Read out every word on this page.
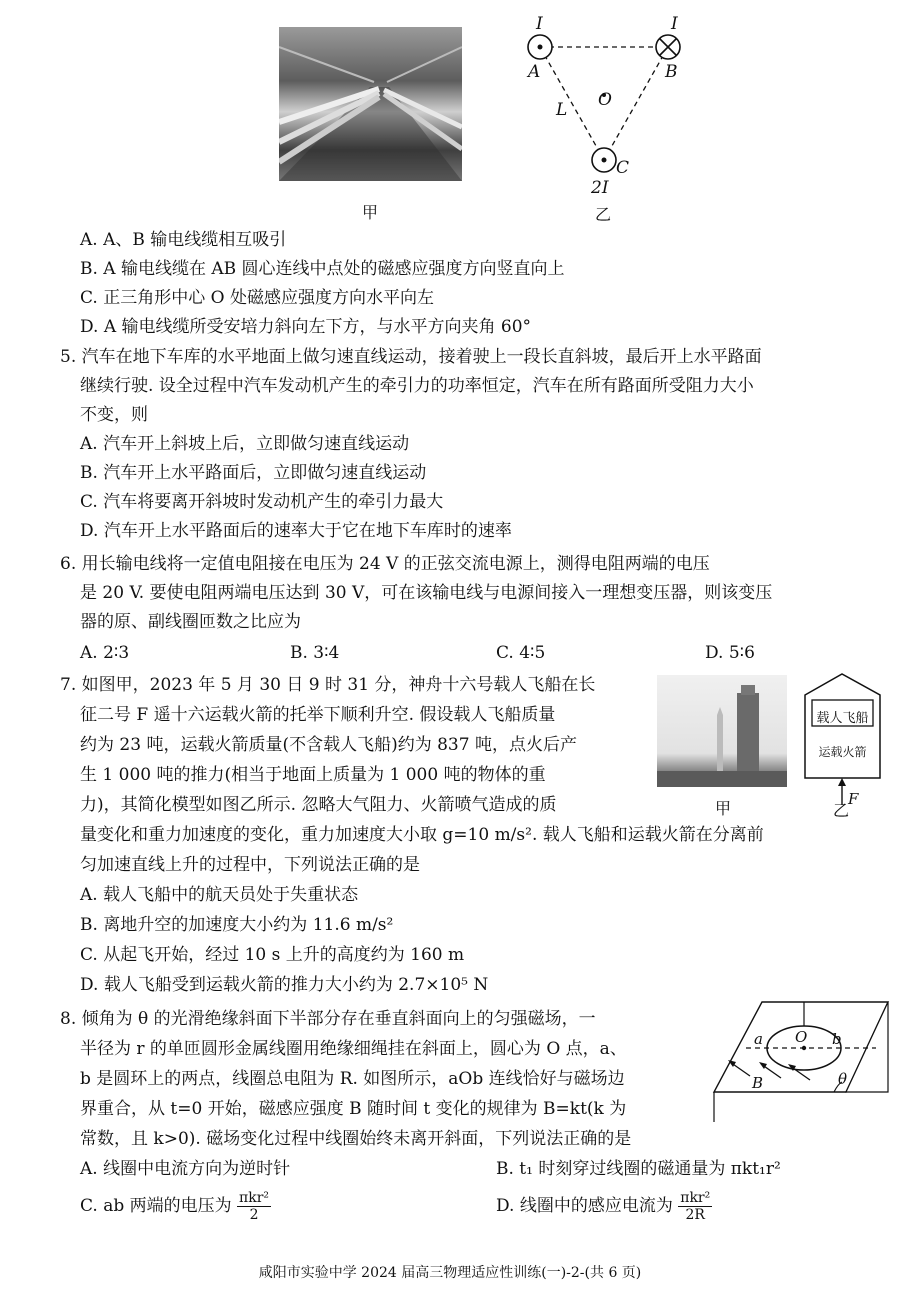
甲
I	I
A	B
O
L
C
2I
乙
A. A、B 输电线缆相互吸引
B. A 输电线缆在 AB 圆心连线中点处的磁感应强度方向竖直向上
C. 正三角形中心 O 处磁感应强度方向水平向左
D. A 输电线缆所受安培力斜向左下方，与水平方向夹角 60°
5. 汽车在地下车库的水平地面上做匀速直线运动，接着驶上一段长直斜坡，最后开上水平路面
继续行驶. 设全过程中汽车发动机产生的牵引力的功率恒定，汽车在所有路面所受阻力大小
不变，则
A. 汽车开上斜坡上后，立即做匀速直线运动
B. 汽车开上水平路面后，立即做匀速直线运动
C. 汽车将要离开斜坡时发动机产生的牵引力最大
D. 汽车开上水平路面后的速率大于它在地下车库时的速率
6. 用长输电线将一定值电阻接在电压为 24 V 的正弦交流电源上，测得电阻两端的电压
是 20 V. 要使电阻两端电压达到 30 V，可在该输电线与电源间接入一理想变压器，则该变压
器的原、副线圈匝数之比应为
A. 2∶3	B. 3∶4	C. 4∶5	D. 5∶6
7. 如图甲，2023 年 5 月 30 日 9 时 31 分，神舟十六号载人飞船在长
征二号 F 遥十六运载火箭的托举下顺利升空. 假设载人飞船质量
约为 23 吨，运载火箭质量(不含载人飞船)约为 837 吨，点火后产
生 1 000 吨的推力(相当于地面上质量为 1 000 吨的物体的重
力)，其简化模型如图乙所示. 忽略大气阻力、火箭喷气造成的质
量变化和重力加速度的变化，重力加速度大小取 g=10 m/s². 载人飞船和运载火箭在分离前
匀加速直线上升的过程中，下列说法正确的是
A. 载人飞船中的航天员处于失重状态
B. 离地升空的加速度大小约为 11.6 m/s²
C. 从起飞开始，经过 10 s 上升的高度约为 160 m
D. 载人飞船受到运载火箭的推力大小约为 2.7×10⁵ N
甲
载人飞船
运载火箭
F
乙
8. 倾角为 θ 的光滑绝缘斜面下半部分存在垂直斜面向上的匀强磁场，一
半径为 r 的单匝圆形金属线圈用绝缘细绳挂在斜面上，圆心为 O 点，a、
b 是圆环上的两点，线圈总电阻为 R. 如图所示，aOb 连线恰好与磁场边
界重合，从 t=0 开始，磁感应强度 B 随时间 t 变化的规律为 B=kt(k 为
常数，且 k>0). 磁场变化过程中线圈始终未离开斜面，下列说法正确的是
A. 线圈中电流方向为逆时针	B. t₁ 时刻穿过线圈的磁通量为 πkt₁r²
C. ab 两端的电压为 $\frac{\text{πkr²}}{2}$	D. 线圈中的感应电流为 $\frac{\text{πkr²}}{2R}$
a O b
B	θ
咸阳市实验中学 2024 届高三物理适应性训练(一)-2-(共 6 页)
